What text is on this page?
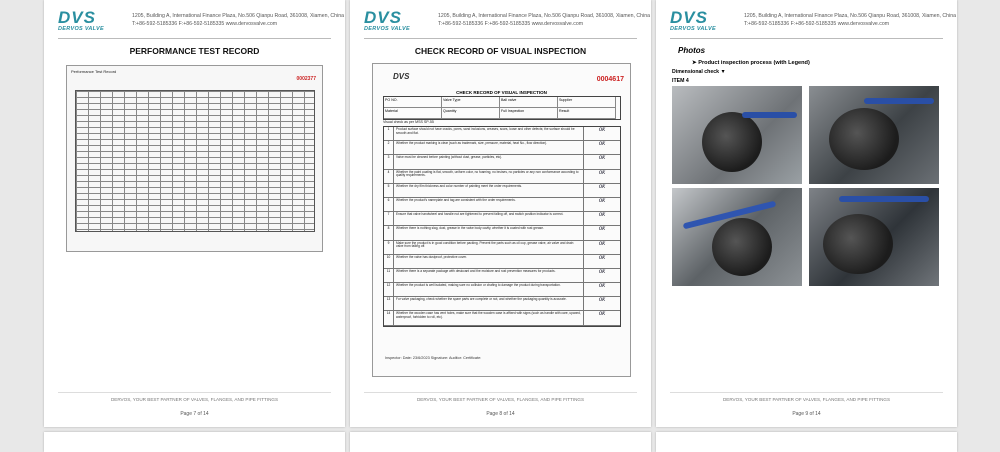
DVS
DERVOS VALVE
1205, Building A, International Finance Plaza, No.506 Qianpu Road, 361008, Xiamen, China
T:+86-592-5185336 F:+86-592-5185335 www.dervosvalve.com
PERFORMANCE TEST RECORD
Performance Test Record
0002377
DERVOS, YOUR BEST PARTNER OF VALVES, FLANGES, AND PIPE FITTINGS
Page 7 of 14
DVS
DERVOS VALVE
1205, Building A, International Finance Plaza, No.506 Qianpu Road, 361008, Xiamen, China
T:+86-592-5185336 F:+86-592-5185335 www.dervosvalve.com
CHECK RECORD OF VISUAL INSPECTION
DVS	0004617
CHECK RECORD OF VISUAL INSPECTION
PO NO.	Valve Type	Ball valve	Supplier
Material	Quantity	Full Inspection	Result
Visual check as per MSS SP-55
1	Product surface should not have cracks, pores, sand inclusions, creases, scars, loose and other defects; the surface should be smooth and flat.	ok
2	Whether the product marking is clear (such as trademark, size, pressure, material, heat No., flow direction).	ok
3	Valve must be cleaned before painting (without dust, grease, particles, etc).	ok
4	Whether the paint coating is flat, smooth, uniform color, no foaming, no bruises, no particles or any non conformance according to quality requirements.	ok
5	Whether the dry film thickness and color number of painting meet the order requirements.	ok
6	Whether the product's nameplate and tag are consistent with the order requirements.	ok
7	Ensure that valve handwheel and handle nut are tightened to prevent falling off, and switch position indicator is correct.	ok
8	Whether there is nothing slag, dust, grease in the valve body cavity, whether it is coated with rust grease.	ok
9	Make sure the product is in good condition before packing. Prevent the parts such as oil cup, grease valve, air valve and drain valve from falling off.	ok
10	Whether the valve has dustproof, protective cover.	ok
11	Whether there is a separate package with desiccant and the moisture and rust prevention measures for products.	ok
12	Whether the product is well isolated, making sure no collision or chafing to damage the product during transportation.	ok
13	For valve packaging, check whether the spare parts are complete or not, and whether the packaging quantity is accurate.	ok
14	Whether the wooden case has vent holes, make sure that the wooden case is affixed with signs (such as handle with care, upward, waterproof, forbidden to roll, etc).	ok
Inspector: Date: 23/6/2023 Signature: Auditor: Certificate:
DERVOS, YOUR BEST PARTNER OF VALVES, FLANGES, AND PIPE FITTINGS
Page 8 of 14
DVS
DERVOS VALVE
1205, Building A, International Finance Plaza, No.506 Qianpu Road, 361008, Xiamen, China
T:+86-592-5185336 F:+86-592-5185335 www.dervosvalve.com
Photos
➤ Product inspection process (with Legend)
Dimensional check ▼
ITEM 4
DERVOS, YOUR BEST PARTNER OF VALVES, FLANGES, AND PIPE FITTINGS
Page 9 of 14
